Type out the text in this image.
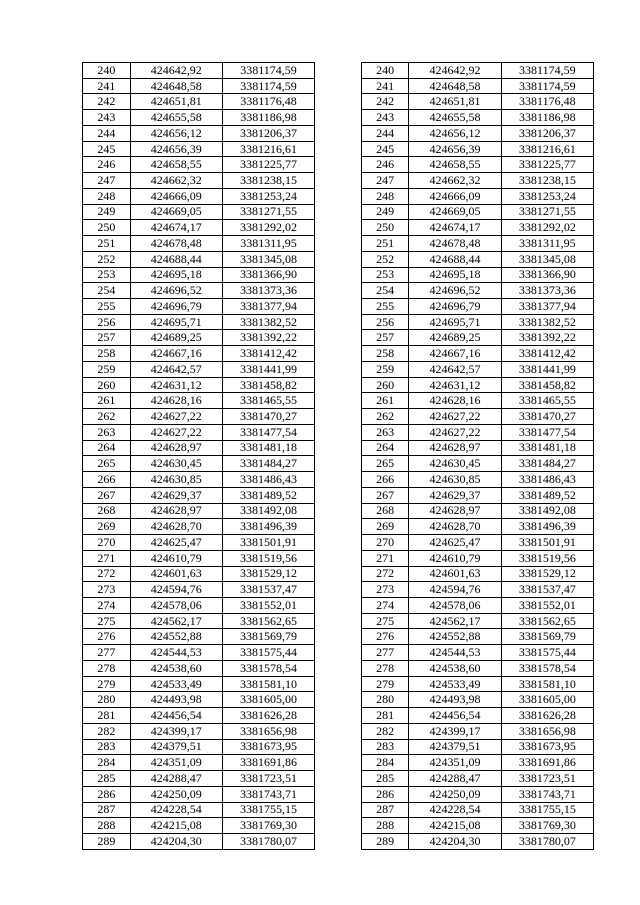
240	424642,92	3381174,59		240	424642,92	3381174,59
241	424648,58	3381174,59		241	424648,58	3381174,59
242	424651,81	3381176,48		242	424651,81	3381176,48
243	424655,58	3381186,98		243	424655,58	3381186,98
244	424656,12	3381206,37		244	424656,12	3381206,37
245	424656,39	3381216,61		245	424656,39	3381216,61
246	424658,55	3381225,77		246	424658,55	3381225,77
247	424662,32	3381238,15		247	424662,32	3381238,15
248	424666,09	3381253,24		248	424666,09	3381253,24
249	424669,05	3381271,55		249	424669,05	3381271,55
250	424674,17	3381292,02		250	424674,17	3381292,02
251	424678,48	3381311,95		251	424678,48	3381311,95
252	424688,44	3381345,08		252	424688,44	3381345,08
253	424695,18	3381366,90		253	424695,18	3381366,90
254	424696,52	3381373,36		254	424696,52	3381373,36
255	424696,79	3381377,94		255	424696,79	3381377,94
256	424695,71	3381382,52		256	424695,71	3381382,52
257	424689,25	3381392,22		257	424689,25	3381392,22
258	424667,16	3381412,42		258	424667,16	3381412,42
259	424642,57	3381441,99		259	424642,57	3381441,99
260	424631,12	3381458,82		260	424631,12	3381458,82
261	424628,16	3381465,55		261	424628,16	3381465,55
262	424627,22	3381470,27		262	424627,22	3381470,27
263	424627,22	3381477,54		263	424627,22	3381477,54
264	424628,97	3381481,18		264	424628,97	3381481,18
265	424630,45	3381484,27		265	424630,45	3381484,27
266	424630,85	3381486,43		266	424630,85	3381486,43
267	424629,37	3381489,52		267	424629,37	3381489,52
268	424628,97	3381492,08		268	424628,97	3381492,08
269	424628,70	3381496,39		269	424628,70	3381496,39
270	424625,47	3381501,91		270	424625,47	3381501,91
271	424610,79	3381519,56		271	424610,79	3381519,56
272	424601,63	3381529,12		272	424601,63	3381529,12
273	424594,76	3381537,47		273	424594,76	3381537,47
274	424578,06	3381552,01		274	424578,06	3381552,01
275	424562,17	3381562,65		275	424562,17	3381562,65
276	424552,88	3381569,79		276	424552,88	3381569,79
277	424544,53	3381575,44		277	424544,53	3381575,44
278	424538,60	3381578,54		278	424538,60	3381578,54
279	424533,49	3381581,10		279	424533,49	3381581,10
280	424493,98	3381605,00		280	424493,98	3381605,00
281	424456,54	3381626,28		281	424456,54	3381626,28
282	424399,17	3381656,98		282	424399,17	3381656,98
283	424379,51	3381673,95		283	424379,51	3381673,95
284	424351,09	3381691,86		284	424351,09	3381691,86
285	424288,47	3381723,51		285	424288,47	3381723,51
286	424250,09	3381743,71		286	424250,09	3381743,71
287	424228,54	3381755,15		287	424228,54	3381755,15
288	424215,08	3381769,30		288	424215,08	3381769,30
289	424204,30	3381780,07		289	424204,30	3381780,07
